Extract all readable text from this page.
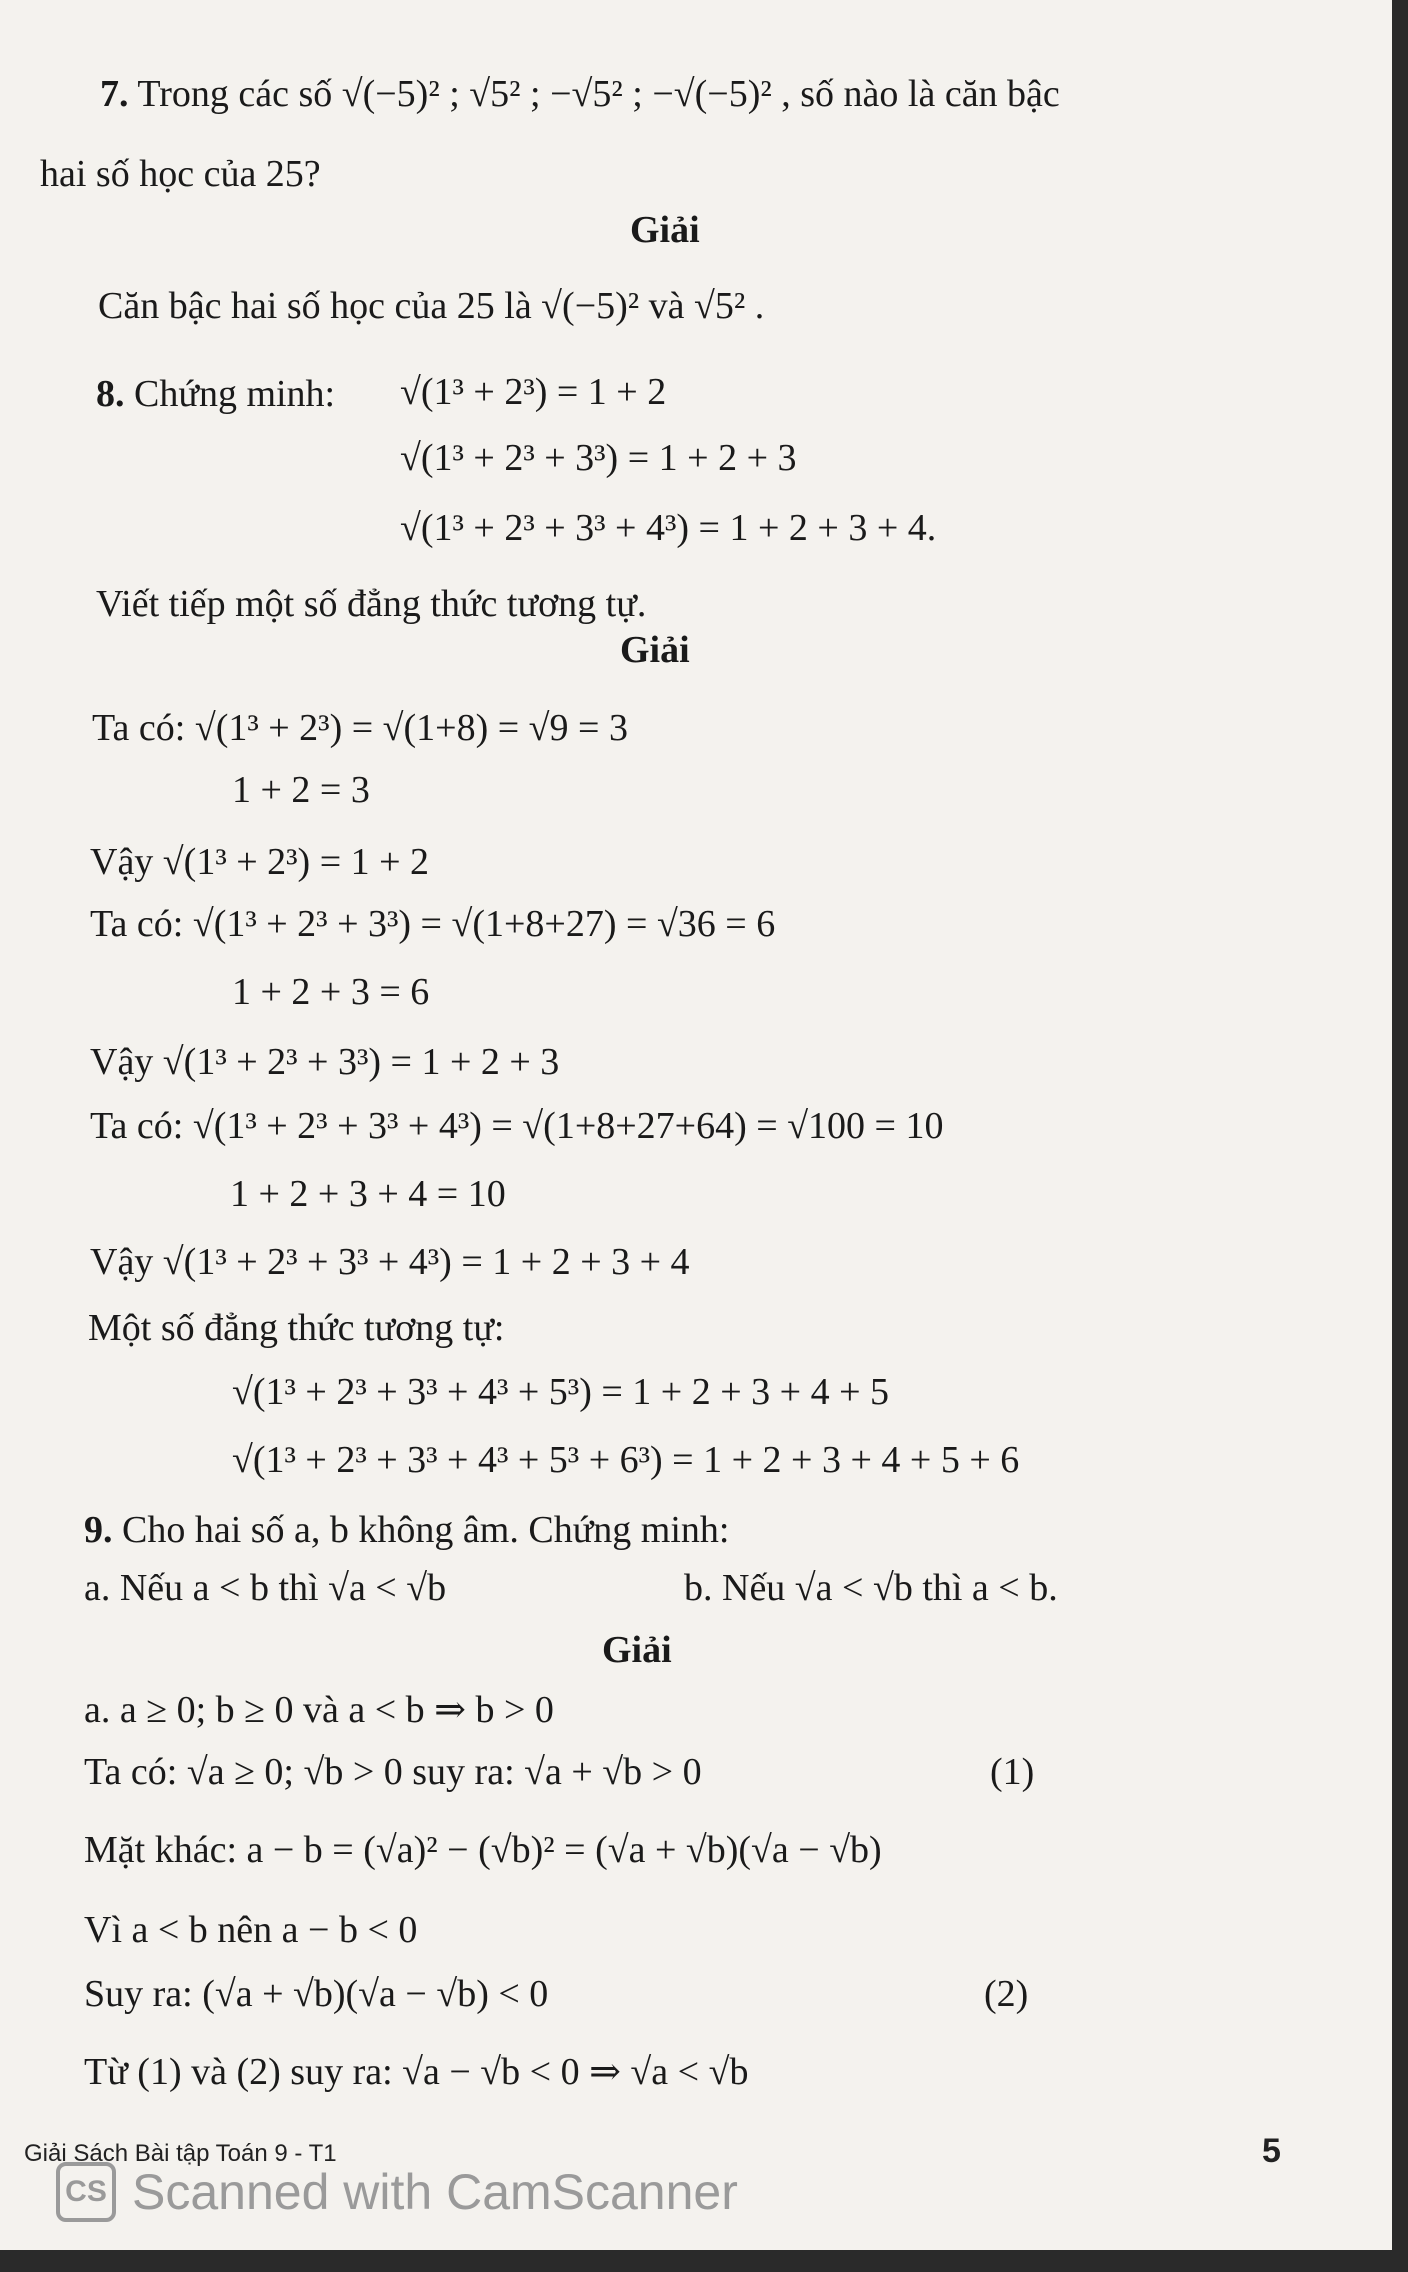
7. Trong các số √(−5)² ; √5² ; −√5² ; −√(−5)² , số nào là căn bậc
hai số học của 25?
Giải
Căn bậc hai số học của 25 là √(−5)² và √5² .
8. Chứng minh: √(1³ + 2³) = 1 + 2
√(1³ + 2³ + 3³) = 1 + 2 + 3
√(1³ + 2³ + 3³ + 4³) = 1 + 2 + 3 + 4.
Viết tiếp một số đẳng thức tương tự.
Giải
Ta có: √(1³ + 2³) = √(1+8) = √9 = 3
1 + 2 = 3
Vậy √(1³ + 2³) = 1 + 2
Ta có: √(1³ + 2³ + 3³) = √(1+8+27) = √36 = 6
1 + 2 + 3 = 6
Vậy √(1³ + 2³ + 3³) = 1 + 2 + 3
Ta có: √(1³ + 2³ + 3³ + 4³) = √(1+8+27+64) = √100 = 10
1 + 2 + 3 + 4 = 10
Vậy √(1³ + 2³ + 3³ + 4³) = 1 + 2 + 3 + 4
Một số đẳng thức tương tự:
√(1³ + 2³ + 3³ + 4³ + 5³) = 1 + 2 + 3 + 4 + 5
√(1³ + 2³ + 3³ + 4³ + 5³ + 6³) = 1 + 2 + 3 + 4 + 5 + 6
9. Cho hai số a, b không âm. Chứng minh:
a. Nếu a < b thì √a < √b	b. Nếu √a < √b thì a < b.
Giải
a. a ≥ 0; b ≥ 0 và a < b ⇒ b > 0
Ta có: √a ≥ 0; √b > 0 suy ra: √a + √b > 0	(1)
Mặt khác: a − b = (√a)² − (√b)² = (√a + √b)(√a − √b)
Vì a < b nên a − b < 0
Suy ra: (√a + √b)(√a − √b) < 0	(2)
Từ (1) và (2) suy ra: √a − √b < 0 ⇒ √a < √b
Giải Sách Bài tập Toán 9 - T1	5
CS Scanned with CamScanner
